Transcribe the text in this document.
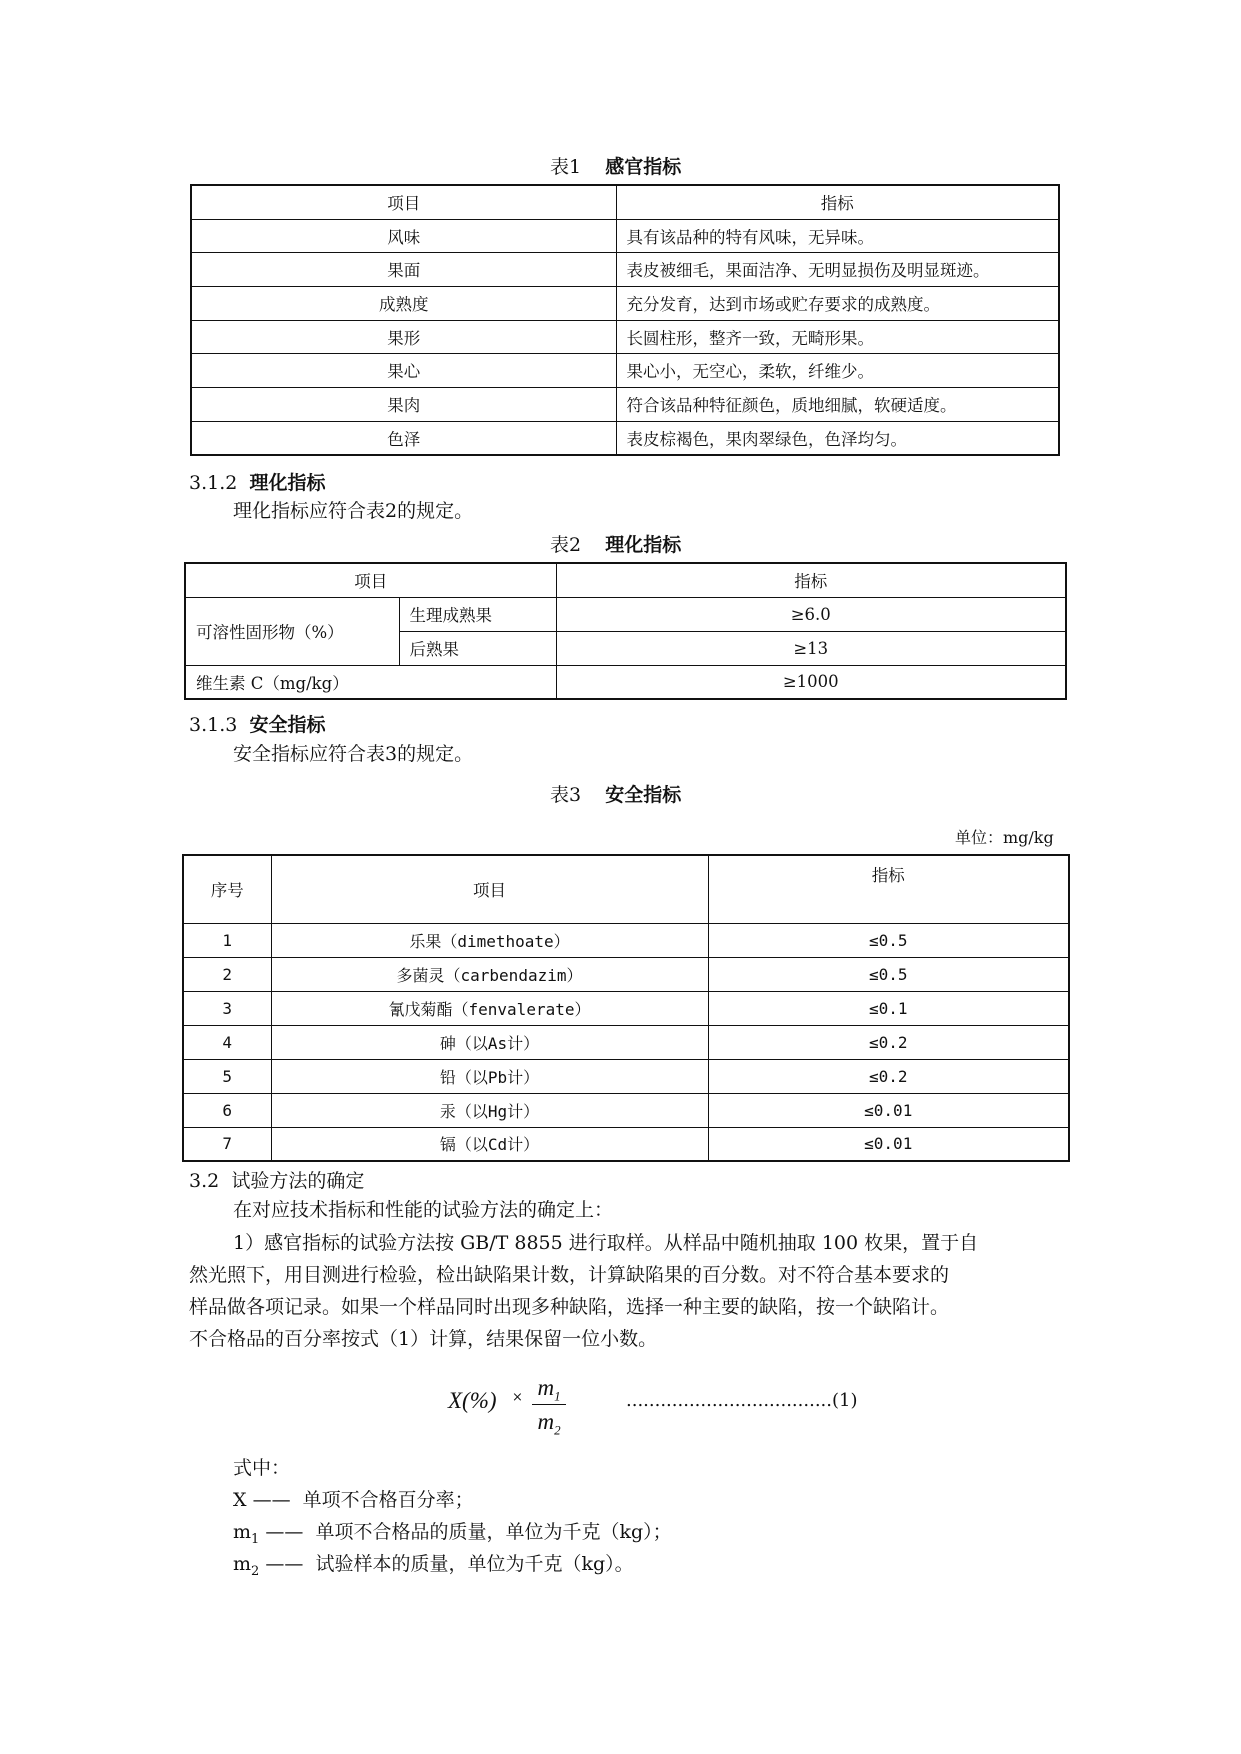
表1 感官指标
项目	指标
风味	具有该品种的特有风味，无异味。
果面	表皮被细毛，果面洁净、无明显损伤及明显斑迹。
成熟度	充分发育，达到市场或贮存要求的成熟度。
果形	长圆柱形，整齐一致，无畸形果。
果心	果心小，无空心，柔软，纤维少。
果肉	符合该品种特征颜色，质地细腻，软硬适度。
色泽	表皮棕褐色，果肉翠绿色，色泽均匀。
3.1.2 理化指标
理化指标应符合表2的规定。
表2 理化指标
项目		指标
可溶性固形物（%）	生理成熟果	≥6.0
	后熟果	≥13
维生素 C（mg/kg）		≥1000
3.1.3 安全指标
安全指标应符合表3的规定。
表3 安全指标
单位：mg/kg
序号	项目	指标
1	乐果（dimethoate）	≤0.5
2	多菌灵（carbendazim）	≤0.5
3	氰戊菊酯（fenvalerate）	≤0.1
4	砷（以As计）	≤0.2
5	铅（以Pb计）	≤0.2
6	汞（以Hg计）	≤0.01
7	镉（以Cd计）	≤0.01
3.2 试验方法的确定
在对应技术指标和性能的试验方法的确定上：
1）感官指标的试验方法按 GB/T 8855 进行取样。从样品中随机抽取 100 枚果，置于自
然光照下，用目测进行检验，检出缺陷果计数，计算缺陷果的百分数。对不符合基本要求的
样品做各项记录。如果一个样品同时出现多种缺陷，选择一种主要的缺陷，按一个缺陷计。
不合格品的百分率按式（1）计算，结果保留一位小数。
$X(\%) \times m_1$
$m_2$
....................................(1)
式中：
X —— 单项不合格百分率；
$m_1$ —— 单项不合格品的质量，单位为千克（kg）；
$m_2$ —— 试验样本的质量，单位为千克（kg）。
